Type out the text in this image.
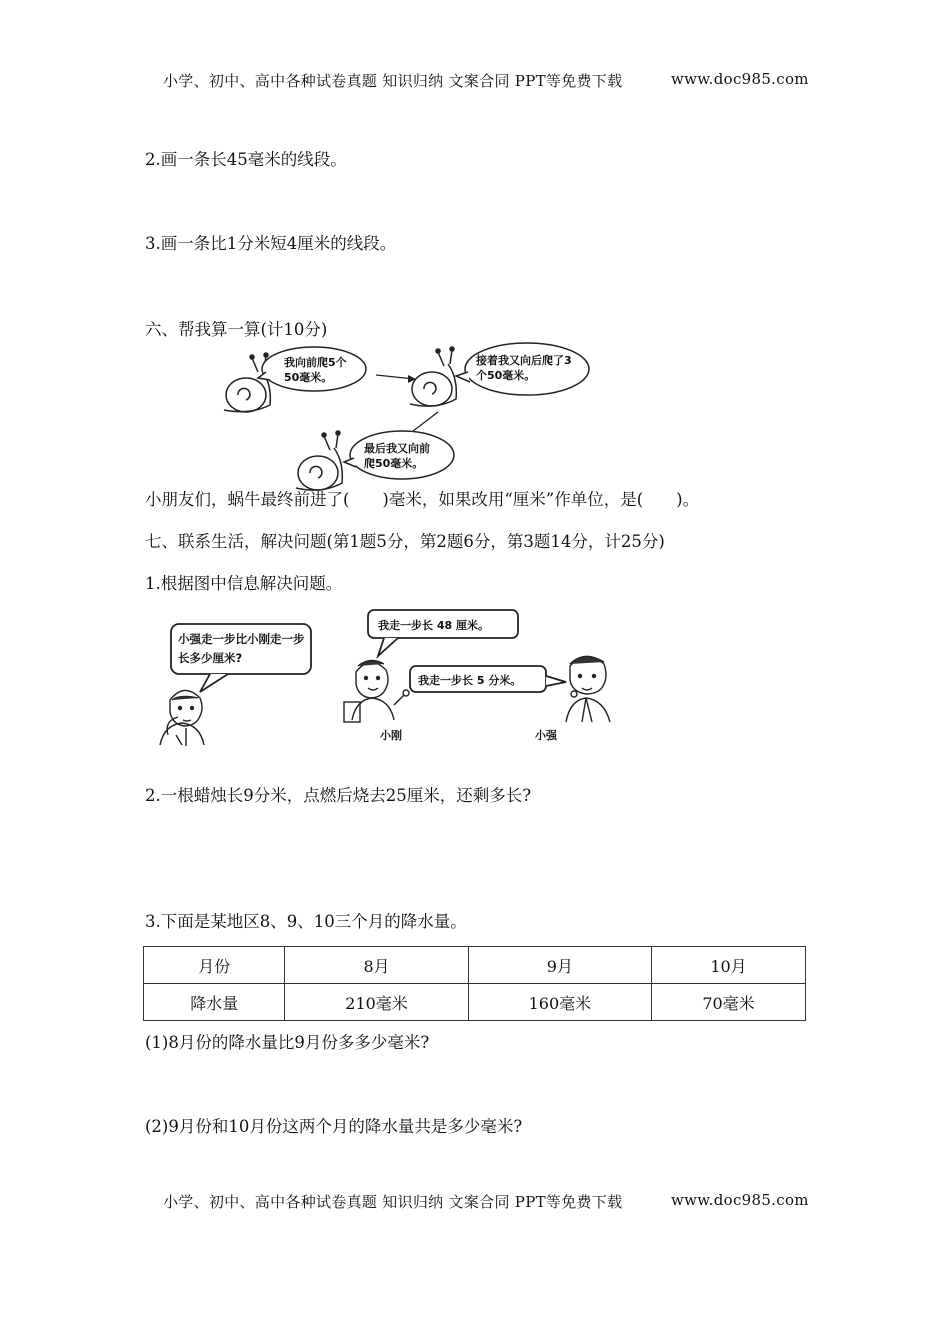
小学、初中、高中各种试卷真题 知识归纳 文案合同 PPT等免费下载	www.doc985.com
2.画一条长45毫米的线段。
3.画一条比1分米短4厘米的线段。
六、帮我算一算(计10分)
我向前爬5个50毫米。
接着我又向后爬了3个50毫米。
最后我又向前爬50毫米。
小朋友们，蜗牛最终前进了(　　)毫米，如果改用“厘米”作单位，是(　　)。
七、联系生活，解决问题(第1题5分，第2题6分，第3题14分，计25分)
1.根据图中信息解决问题。
小强走一步比小刚走一步长多少厘米?
我走一步长 48 厘米。
我走一步长 5 分米。
小刚	小强
2.一根蜡烛长9分米，点燃后烧去25厘米，还剩多长?
3.下面是某地区8、9、10三个月的降水量。
月份	8月	9月	10月
降水量	210毫米	160毫米	70毫米
(1)8月份的降水量比9月份多多少毫米?
(2)9月份和10月份这两个月的降水量共是多少毫米?
小学、初中、高中各种试卷真题 知识归纳 文案合同 PPT等免费下载	www.doc985.com
